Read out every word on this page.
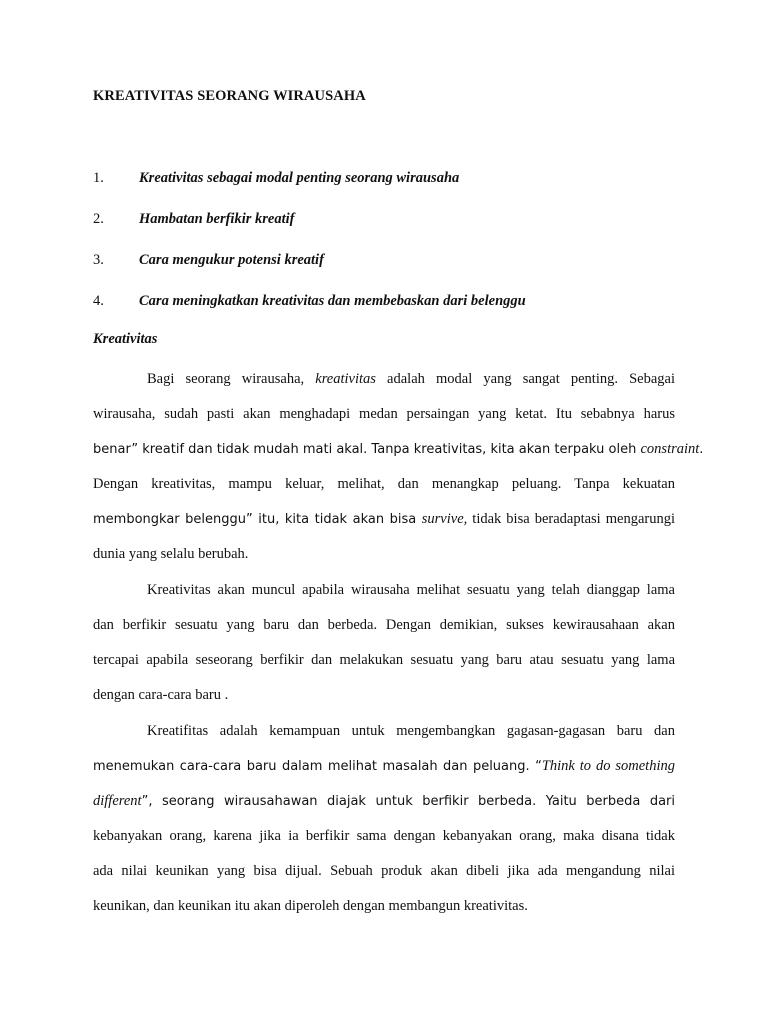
KREATIVITAS SEORANG WIRAUSAHA
1. Kreativitas sebagai modal penting seorang wirausaha
2. Hambatan berfikir kreatif
3. Cara mengukur potensi kreatif
4. Cara meningkatkan kreativitas dan membebaskan dari belenggu
Kreativitas
Bagi seorang wirausaha, kreativitas adalah modal yang sangat penting. Sebagai
wirausaha, sudah pasti akan menghadapi medan persaingan yang ketat. Itu sebabnya harus
benar” kreatif dan tidak mudah mati akal. Tanpa kreativitas, kita akan terpaku oleh constraint.
Dengan kreativitas, mampu keluar, melihat, dan menangkap peluang. Tanpa kekuatan
membongkar belenggu” itu, kita tidak akan bisa survive, tidak bisa beradaptasi mengarungi
dunia yang selalu berubah.
Kreativitas akan muncul apabila wirausaha melihat sesuatu yang telah dianggap lama
dan berfikir sesuatu yang baru dan berbeda. Dengan demikian, sukses kewirausahaan akan
tercapai apabila seseorang berfikir dan melakukan sesuatu yang baru atau sesuatu yang lama
dengan cara-cara baru .
Kreatifitas adalah kemampuan untuk mengembangkan gagasan-gagasan baru dan
menemukan cara-cara baru dalam melihat masalah dan peluang. “Think to do something
different”, seorang wirausahawan diajak untuk berfikir berbeda. Yaitu berbeda dari
kebanyakan orang, karena jika ia berfikir sama dengan kebanyakan orang, maka disana tidak
ada nilai keunikan yang bisa dijual. Sebuah produk akan dibeli jika ada mengandung nilai
keunikan, dan keunikan itu akan diperoleh dengan membangun kreativitas.
